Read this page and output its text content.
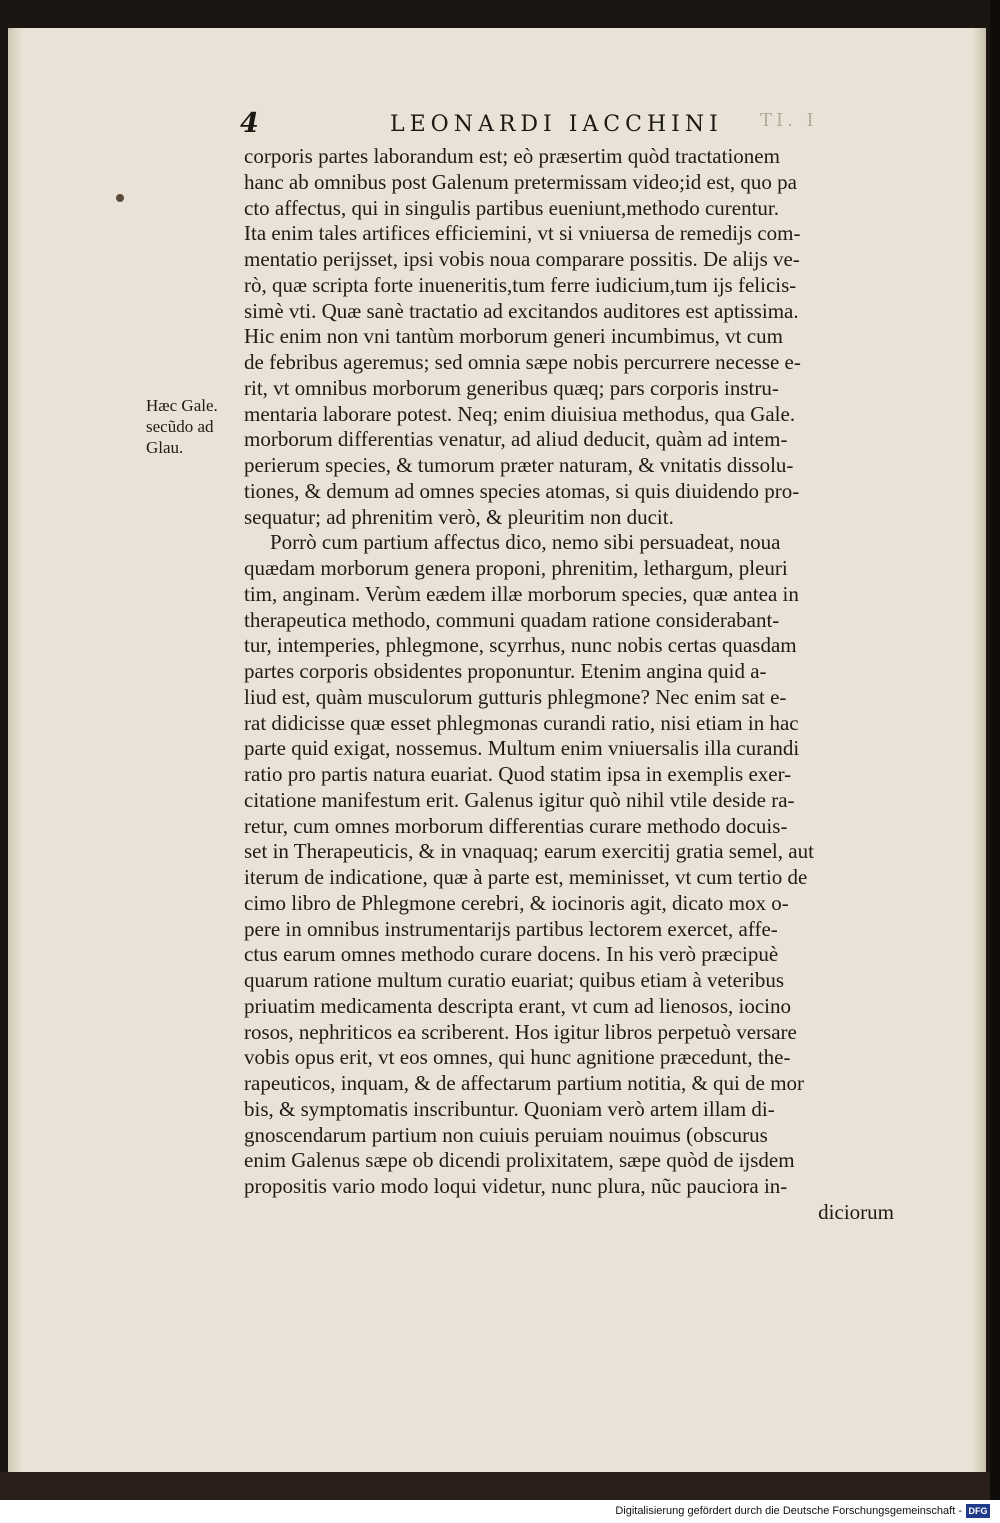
4	LEONARDI IACCHINI TI. I
Hæc Gale.
secũdo ad
Glau.
corporis partes laborandum est; eò præsertim quòd tractationem
hanc ab omnibus post Galenum pretermissam video;id est, quo pa
cto affectus, qui in singulis partibus eueniunt,methodo curentur.
Ita enim tales artifices efficiemini, vt si vniuersa de remedijs com-
mentatio perijsset, ipsi vobis noua comparare possitis. De alijs ve-
rò, quæ scripta forte inueneritis,tum ferre iudicium,tum ijs felicis-
simè vti. Quæ sanè tractatio ad excitandos auditores est aptissima.
Hic enim non vni tantùm morborum generi incumbimus, vt cum
de febribus ageremus; sed omnia sæpe nobis percurrere necesse e-
rit, vt omnibus morborum generibus quæq; pars corporis instru-
mentaria laborare potest. Neq; enim diuisiua methodus, qua Gale.
morborum differentias venatur, ad aliud deducit, quàm ad intem-
perierum species, & tumorum præter naturam, & vnitatis dissolu-
tiones, & demum ad omnes species atomas, si quis diuidendo pro-
sequatur; ad phrenitim verò, & pleuritim non ducit.
Porrò cum partium affectus dico, nemo sibi persuadeat, noua
quædam morborum genera proponi, phrenitim, lethargum, pleuri
tim, anginam. Verùm eædem illæ morborum species, quæ antea in
therapeutica methodo, communi quadam ratione considerabant-
tur, intemperies, phlegmone, scyrrhus, nunc nobis certas quasdam
partes corporis obsidentes proponuntur. Etenim angina quid a-
liud est, quàm musculorum gutturis phlegmone? Nec enim sat e-
rat didicisse quæ esset phlegmonas curandi ratio, nisi etiam in hac
parte quid exigat, nossemus. Multum enim vniuersalis illa curandi
ratio pro partis natura euariat. Quod statim ipsa in exemplis exer-
citatione manifestum erit. Galenus igitur quò nihil vtile deside ra-
retur, cum omnes morborum differentias curare methodo docuis-
set in Therapeuticis, & in vnaquaq; earum exercitij gratia semel, aut
iterum de indicatione, quæ à parte est, meminisset, vt cum tertio de
cimo libro de Phlegmone cerebri, & iocinoris agit, dicato mox o-
pere in omnibus instrumentarijs partibus lectorem exercet, affe-
ctus earum omnes methodo curare docens. In his verò præcipuè
quarum ratione multum curatio euariat; quibus etiam à veteribus
priuatim medicamenta descripta erant, vt cum ad lienosos, iocino
rosos, nephriticos ea scriberent. Hos igitur libros perpetuò versare
vobis opus erit, vt eos omnes, qui hunc agnitione præcedunt, the-
rapeuticos, inquam, & de affectarum partium notitia, & qui de mor
bis, & symptomatis inscribuntur. Quoniam verò artem illam di-
gnoscendarum partium non cuiuis peruiam nouimus (obscurus
enim Galenus sæpe ob dicendi prolixitatem, sæpe quòd de ijsdem
propositis vario modo loqui videtur, nunc plura, nũc pauciora in-
diciorum
Digitalisierung gefördert durch die Deutsche Forschungsgemeinschaft - DFG
